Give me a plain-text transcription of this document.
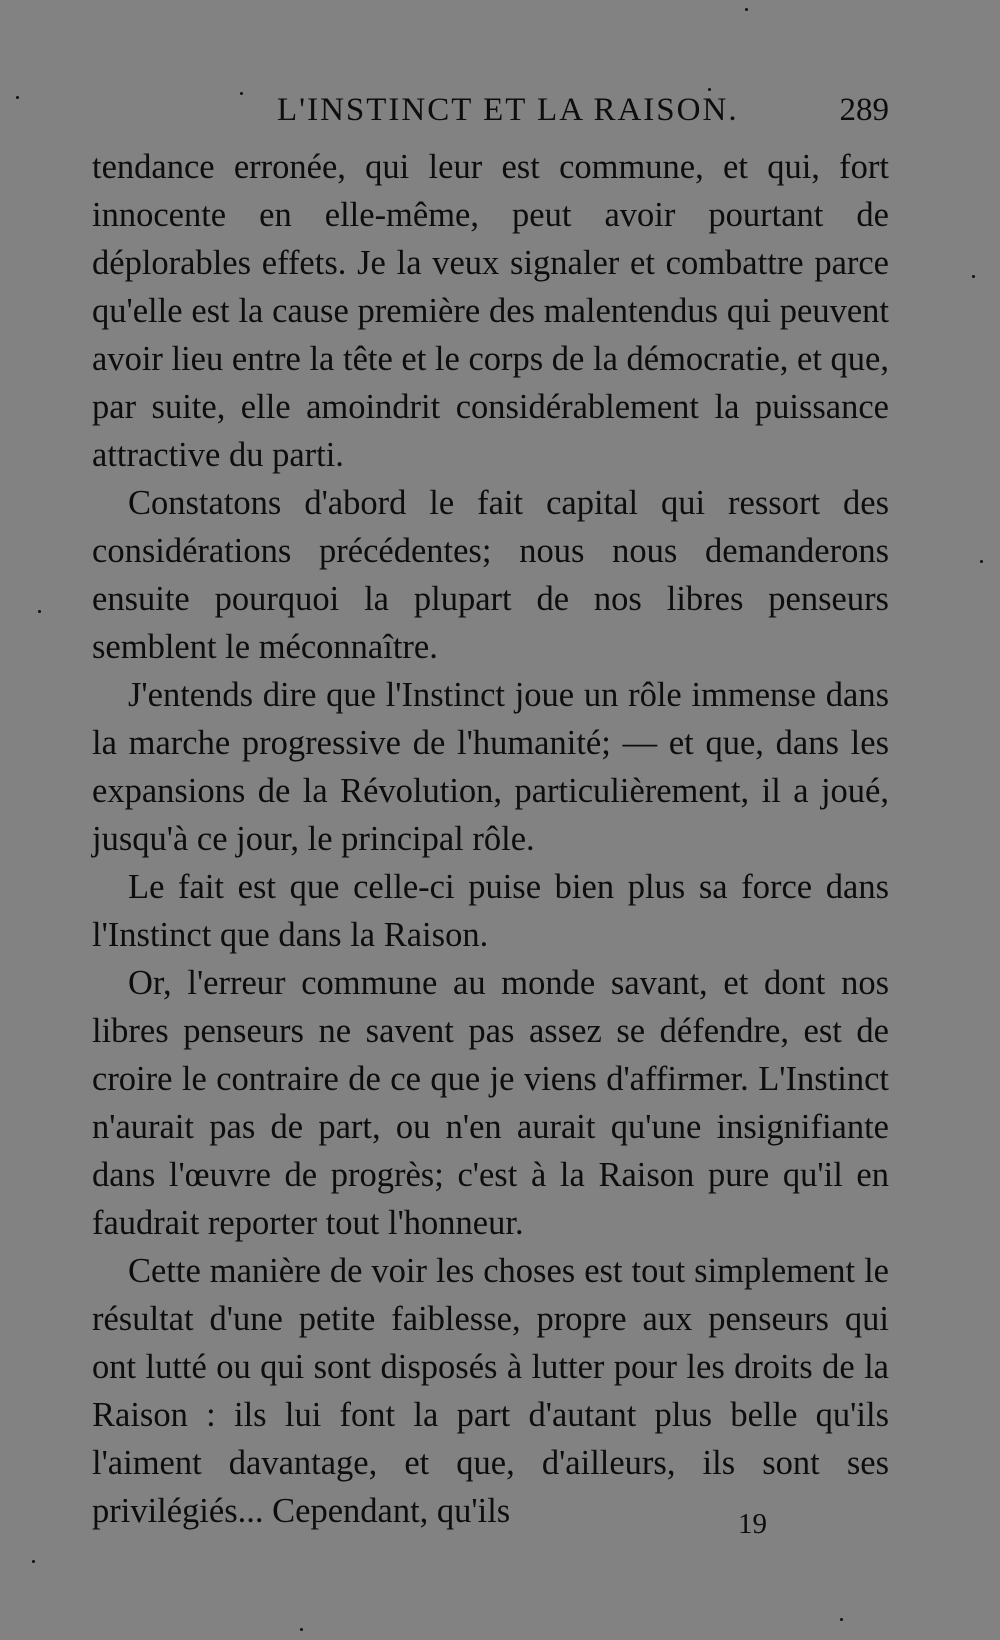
L'INSTINCT ET LA RAISON.	289

tendance erronée, qui leur est commune, et qui, fort innocente en elle-même, peut avoir pourtant de déplorables effets. Je la veux signaler et combattre parce qu'elle est la cause première des malentendus qui peuvent avoir lieu entre la tête et le corps de la démocratie, et que, par suite, elle amoindrit considérablement la puissance attractive du parti.

Constatons d'abord le fait capital qui ressort des considérations précédentes; nous nous demanderons ensuite pourquoi la plupart de nos libres penseurs semblent le méconnaître.

J'entends dire que l'Instinct joue un rôle immense dans la marche progressive de l'humanité; — et que, dans les expansions de la Révolution, particulièrement, il a joué, jusqu'à ce jour, le principal rôle.

Le fait est que celle-ci puise bien plus sa force dans l'Instinct que dans la Raison.

Or, l'erreur commune au monde savant, et dont nos libres penseurs ne savent pas assez se défendre, est de croire le contraire de ce que je viens d'affirmer. L'Instinct n'aurait pas de part, ou n'en aurait qu'une insignifiante dans l'œuvre de progrès; c'est à la Raison pure qu'il en faudrait reporter tout l'honneur.

Cette manière de voir les choses est tout simplement le résultat d'une petite faiblesse, propre aux penseurs qui ont lutté ou qui sont disposés à lutter pour les droits de la Raison : ils lui font la part d'autant plus belle qu'ils l'aiment davantage, et que, d'ailleurs, ils sont ses privilégiés... Cependant, qu'ils	19
